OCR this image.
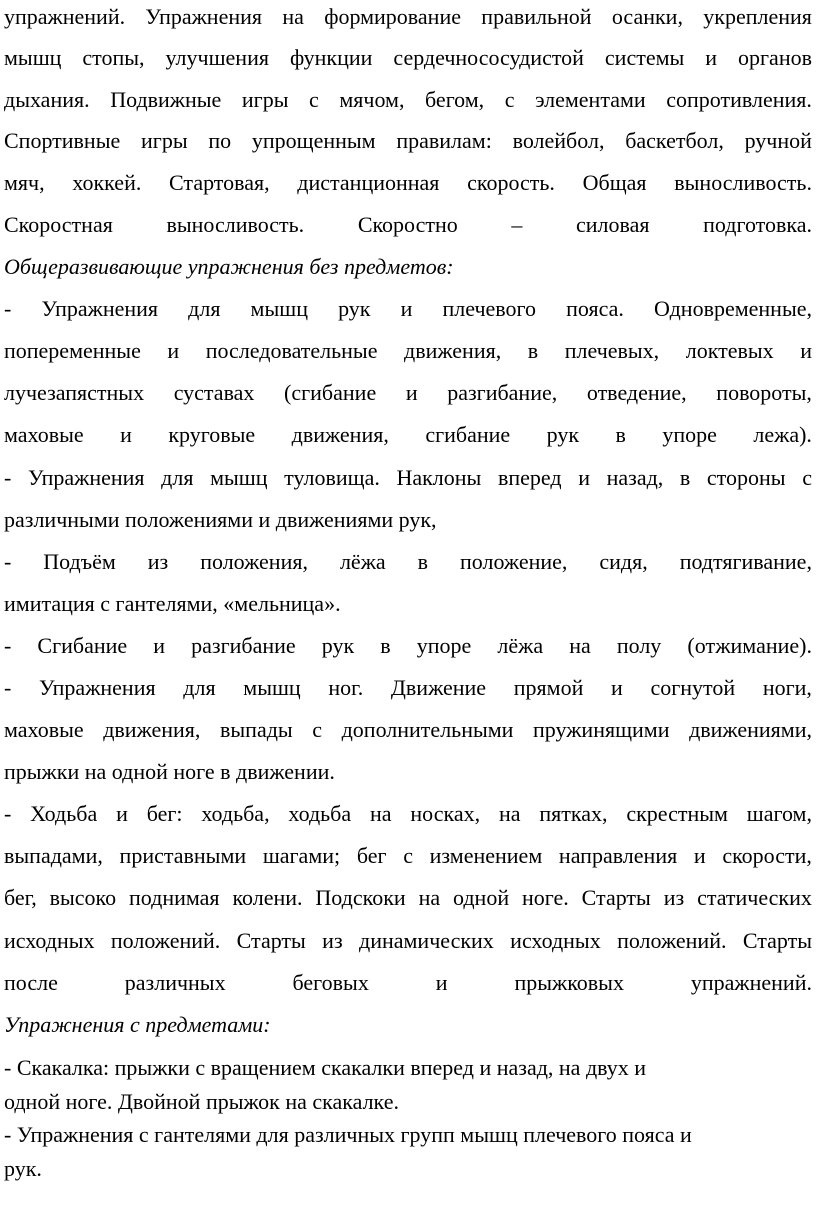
упражнений. Упражнения на формирование правильной осанки, укрепления
мышц стопы, улучшения функции сердечнососудистой системы и органов
дыхания. Подвижные игры с мячом, бегом, с элементами сопротивления.
Спортивные игры по упрощенным правилам: волейбол, баскетбол, ручной
мяч, хоккей. Стартовая, дистанционная скорость. Общая выносливость.
Скоростная выносливость. Скоростно – силовая подготовка.
Общеразвивающие упражнения без предметов:
- Упражнения для мышц рук и плечевого пояса. Одновременные,
попеременные и последовательные движения, в плечевых, локтевых и
лучезапястных суставах (сгибание и разгибание, отведение, повороты,
маховые и круговые движения, сгибание рук в упоре лежа).
- Упражнения для мышц туловища. Наклоны вперед и назад, в стороны с
различными положениями и движениями рук,
- Подъём из положения, лёжа в положение, сидя, подтягивание,
имитация с гантелями, «мельница».
- Сгибание и разгибание рук в упоре лёжа на полу (отжимание).
- Упражнения для мышц ног. Движение прямой и согнутой ноги,
маховые движения, выпады с дополнительными пружинящими движениями,
прыжки на одной ноге в движении.
- Ходьба и бег: ходьба, ходьба на носках, на пятках, скрестным шагом,
выпадами, приставными шагами; бег с изменением направления и скорости,
бег, высоко поднимая колени. Подскоки на одной ноге. Старты из статических
исходных положений. Старты из динамических исходных положений. Старты
после	различных	беговых	и	прыжковых	упражнений.
Упражнения с предметами:
- Скакалка: прыжки с вращением скакалки вперед и назад, на двух и
одной ноге. Двойной прыжок на скакалке.
- Упражнения с гантелями для различных групп мышц плечевого пояса и
рук.
